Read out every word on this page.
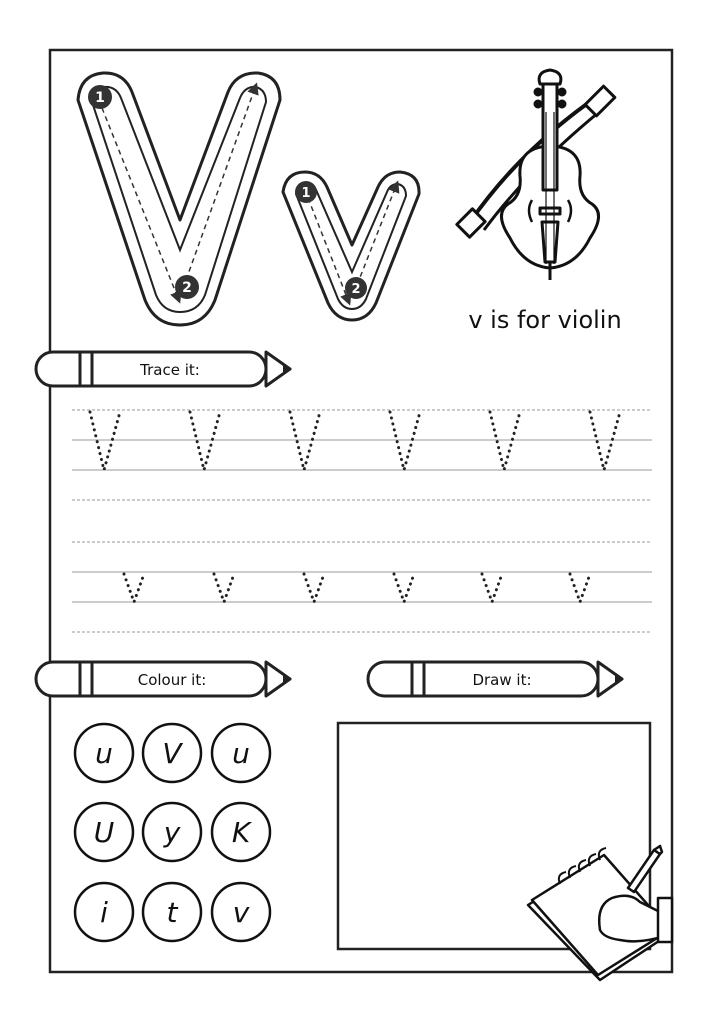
1
2
1
2
v is for violin
Trace it:
Colour it:	Draw it:
u V u
U y K
i t v
